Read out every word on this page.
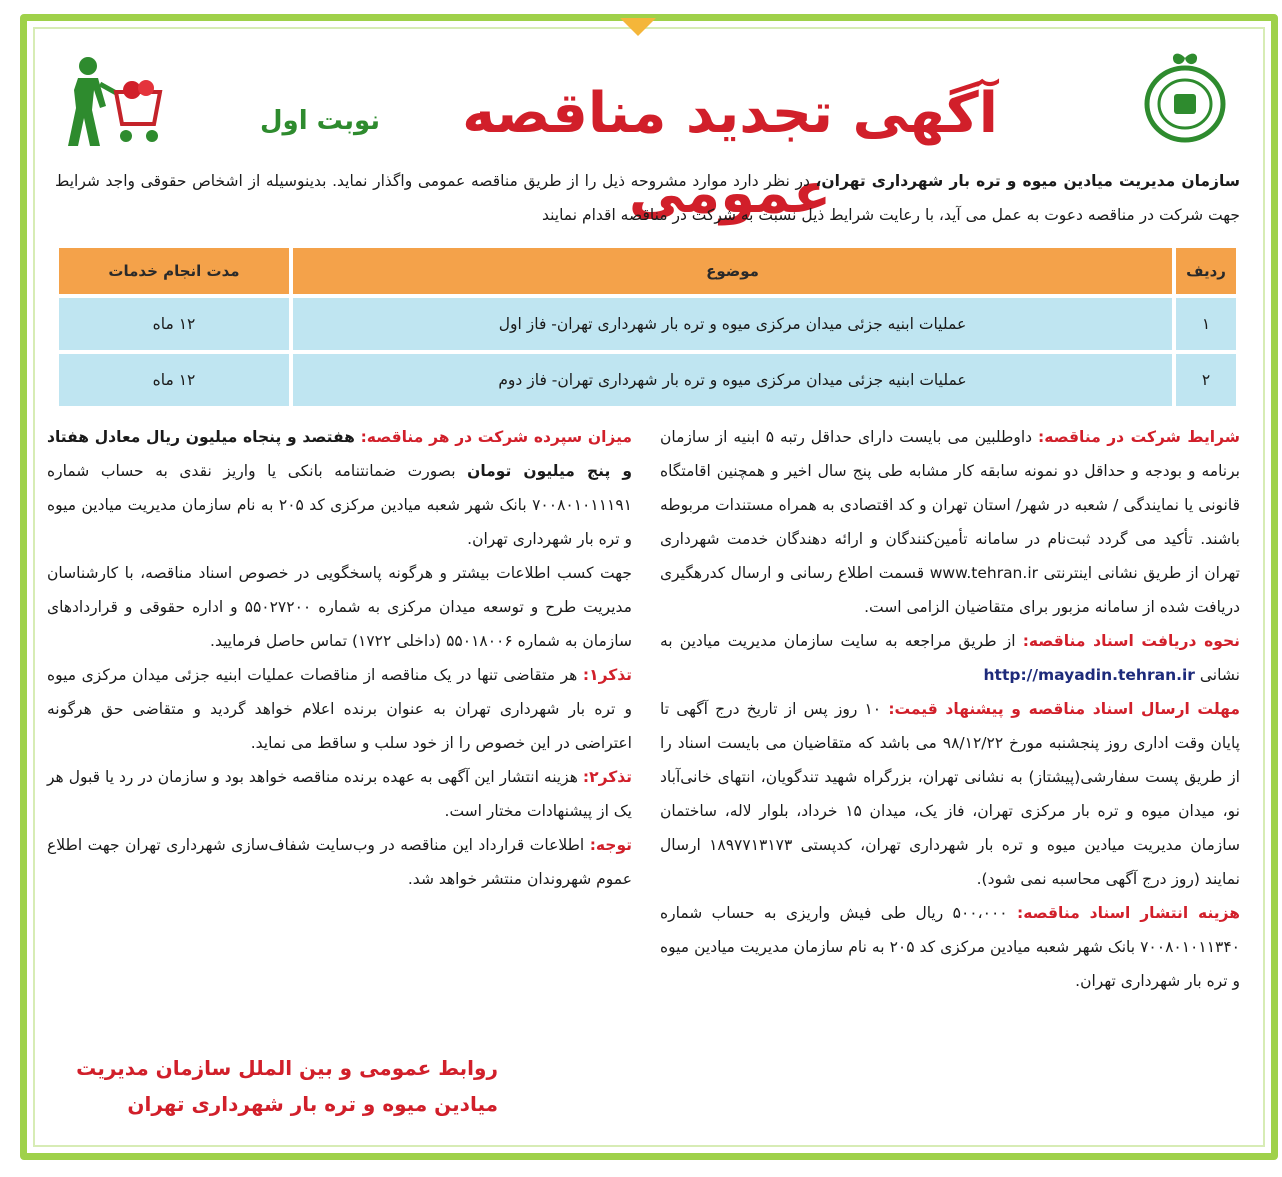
آگهی تجدید مناقصه عمومی
نوبت اول

سازمان مدیریت میادین میوه و تره بار شهرداری تهران، در نظر دارد موارد مشروحه ذیل را از طریق مناقصه عمومی واگذار نماید. بدینوسیله از اشخاص حقوقی واجد شرایط جهت شرکت در مناقصه دعوت به عمل می آید، با رعایت شرایط ذیل نسبت به شرکت در مناقصه اقدام نمایند

ردیف	موضوع	مدت انجام خدمات
۱	عملیات ابنیه جزئی میدان مرکزی میوه و تره بار شهرداری تهران- فاز اول	۱۲ ماه
۲	عملیات ابنیه جزئی میدان مرکزی میوه و تره بار شهرداری تهران- فاز دوم	۱۲ ماه

شرایط شرکت در مناقصه: داوطلبین می بایست دارای حداقل رتبه ۵ ابنیه از سازمان برنامه و بودجه و حداقل دو نمونه سابقه کار مشابه طی پنج سال اخیر و همچنین اقامتگاه قانونی یا نمایندگی / شعبه در شهر/ استان تهران و کد اقتصادی به همراه مستندات مربوطه باشند. تأکید می گردد ثبت‌نام در سامانه تأمین‌کنندگان و ارائه دهندگان خدمت شهرداری تهران از طریق نشانی اینترنتی www.tehran.ir قسمت اطلاع رسانی و ارسال کدرهگیری دریافت شده از سامانه مزبور برای متقاضیان الزامی است.

نحوه دریافت اسناد مناقصه: از طریق مراجعه به سایت سازمان مدیریت میادین به نشانی http://mayadin.tehran.ir

مهلت ارسال اسناد مناقصه و پیشنهاد قیمت: ۱۰ روز پس از تاریخ درج آگهی تا پایان وقت اداری روز پنجشنبه مورخ ۹۸/۱۲/۲۲ می باشد که متقاضیان می بایست اسناد را از طریق پست سفارشی(پیشتاز) به نشانی تهران، بزرگراه شهید تندگویان، انتهای خانی‌آباد نو، میدان میوه و تره بار مرکزی تهران، فاز یک، میدان ۱۵ خرداد، بلوار لاله، ساختمان سازمان مدیریت میادین میوه و تره بار شهرداری تهران، کدپستی ۱۸۹۷۷۱۳۱۷۳ ارسال نمایند (روز درج آگهی محاسبه نمی شود).

هزینه انتشار اسناد مناقصه: ۵۰۰،۰۰۰ ریال طی فیش واریزی به حساب شماره ۷۰۰۸۰۱۰۱۱۳۴۰ بانک شهر شعبه میادین مرکزی کد ۲۰۵ به نام سازمان مدیریت میادین میوه و تره بار شهرداری تهران.

میزان سپرده شرکت در هر مناقصه: هفتصد و پنجاه میلیون ریال معادل هفتاد و پنج میلیون تومان بصورت ضمانتنامه بانکی یا واریز نقدی به حساب شماره ۷۰۰۸۰۱۰۱۱۱۹۱ بانک شهر شعبه میادین مرکزی کد ۲۰۵ به نام سازمان مدیریت میادین میوه و تره بار شهرداری تهران.

جهت کسب اطلاعات بیشتر و هرگونه پاسخگویی در خصوص اسناد مناقصه، با کارشناسان مدیریت طرح و توسعه میدان مرکزی به شماره ۵۵۰۲۷۲۰۰ و اداره حقوقی و قراردادهای سازمان به شماره ۵۵۰۱۸۰۰۶ (داخلی ۱۷۲۲) تماس حاصل فرمایید.

تذکر۱: هر متقاضی تنها در یک مناقصه از مناقصات عملیات ابنیه جزئی میدان مرکزی میوه و تره بار شهرداری تهران به عنوان برنده اعلام خواهد گردید و متقاضی حق هرگونه اعتراضی در این خصوص را از خود سلب و ساقط می نماید.

تذکر۲: هزینه انتشار این آگهی به عهده برنده مناقصه خواهد بود و سازمان در رد یا قبول هر یک از پیشنهادات مختار است.

توجه: اطلاعات قرارداد این مناقصه در وب‌سایت شفاف‌سازی شهرداری تهران جهت اطلاع عموم شهروندان منتشر خواهد شد.

روابط عمومی و بین الملل سازمان مدیریت
میادین میوه و تره بار شهرداری تهران
